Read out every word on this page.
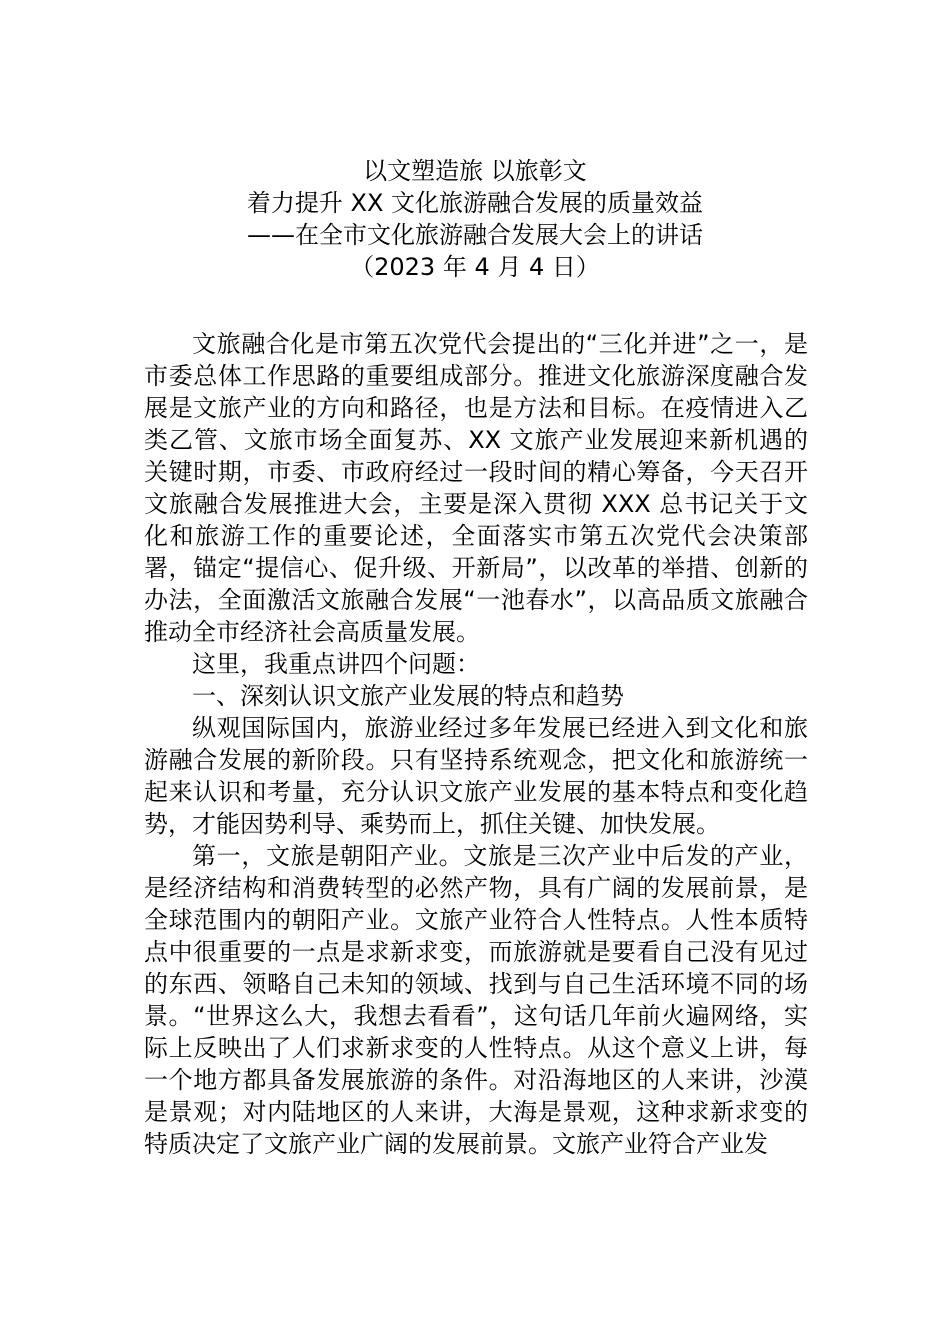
以文塑造旅 以旅彰文
着力提升 XX 文化旅游融合发展的质量效益
——在全市文化旅游融合发展大会上的讲话
（2023 年 4 月 4 日）

文旅融合化是市第五次党代会提出的“三化并进”之一，是市委总体工作思路的重要组成部分。推进文化旅游深度融合发展是文旅产业的方向和路径，也是方法和目标。在疫情进入乙类乙管、文旅市场全面复苏、XX 文旅产业发展迎来新机遇的关键时期，市委、市政府经过一段时间的精心筹备，今天召开文旅融合发展推进大会，主要是深入贯彻 XXX 总书记关于文化和旅游工作的重要论述，全面落实市第五次党代会决策部署，锚定“提信心、促升级、开新局”，以改革的举措、创新的办法，全面激活文旅融合发展“一池春水”，以高品质文旅融合推动全市经济社会高质量发展。

这里，我重点讲四个问题：

一、深刻认识文旅产业发展的特点和趋势

纵观国际国内，旅游业经过多年发展已经进入到文化和旅游融合发展的新阶段。只有坚持系统观念，把文化和旅游统一起来认识和考量，充分认识文旅产业发展的基本特点和变化趋势，才能因势利导、乘势而上，抓住关键、加快发展。

第一，文旅是朝阳产业。文旅是三次产业中后发的产业，是经济结构和消费转型的必然产物，具有广阔的发展前景，是全球范围内的朝阳产业。文旅产业符合人性特点。人性本质特点中很重要的一点是求新求变，而旅游就是要看自己没有见过的东西、领略自己未知的领域、找到与自己生活环境不同的场景。“世界这么大，我想去看看”，这句话几年前火遍网络，实际上反映出了人们求新求变的人性特点。从这个意义上讲，每一个地方都具备发展旅游的条件。对沿海地区的人来讲，沙漠是景观；对内陆地区的人来讲，大海是景观，这种求新求变的特质决定了文旅产业广阔的发展前景。文旅产业符合产业发
